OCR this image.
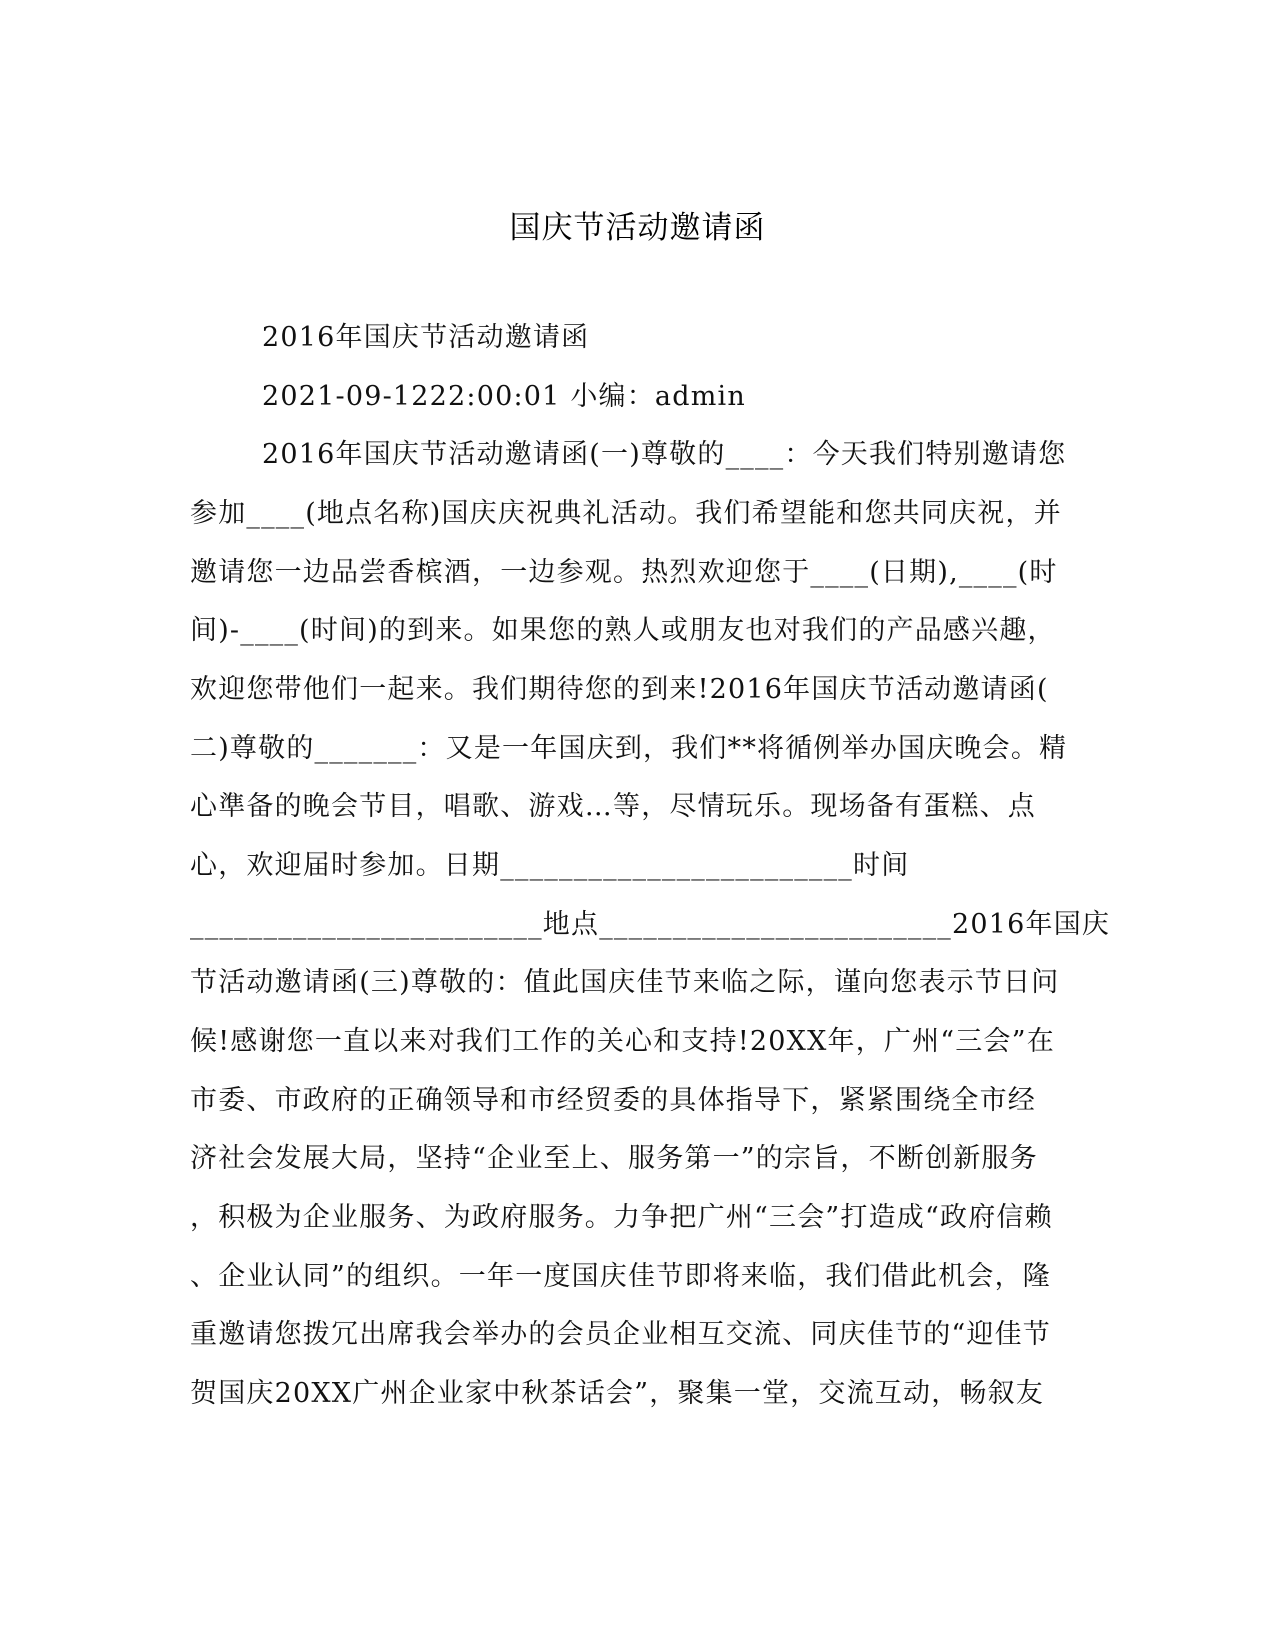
国庆节活动邀请函
2016年国庆节活动邀请函
2021-09-1222:00:01 小编：admin
2016年国庆节活动邀请函(一)尊敬的____：今天我们特别邀请您
参加____(地点名称)国庆庆祝典礼活动。我们希望能和您共同庆祝，并
邀请您一边品尝香槟酒，一边参观。热烈欢迎您于____(日期),____(时
间)-____(时间)的到来。如果您的熟人或朋友也对我们的产品感兴趣，
欢迎您带他们一起来。我们期待您的到来!2016年国庆节活动邀请函(
二)尊敬的_______：又是一年国庆到，我们**将循例举办国庆晚会。精
心準备的晚会节目，唱歌、游戏…等，尽情玩乐。现场备有蛋糕、点
心，欢迎届时参加。日期________________________时间
________________________地点________________________2016年国庆
节活动邀请函(三)尊敬的：值此国庆佳节来临之际，谨向您表示节日问
候!感谢您一直以来对我们工作的关心和支持!20XX年，广州“三会”在
市委、市政府的正确领导和市经贸委的具体指导下，紧紧围绕全市经
济社会发展大局，坚持“企业至上、服务第一”的宗旨，不断创新服务
，积极为企业服务、为政府服务。力争把广州“三会”打造成“政府信赖
、企业认同”的组织。一年一度国庆佳节即将来临，我们借此机会，隆
重邀请您拨冗出席我会举办的会员企业相互交流、同庆佳节的“迎佳节
贺国庆20XX广州企业家中秋茶话会”，聚集一堂，交流互动，畅叙友
